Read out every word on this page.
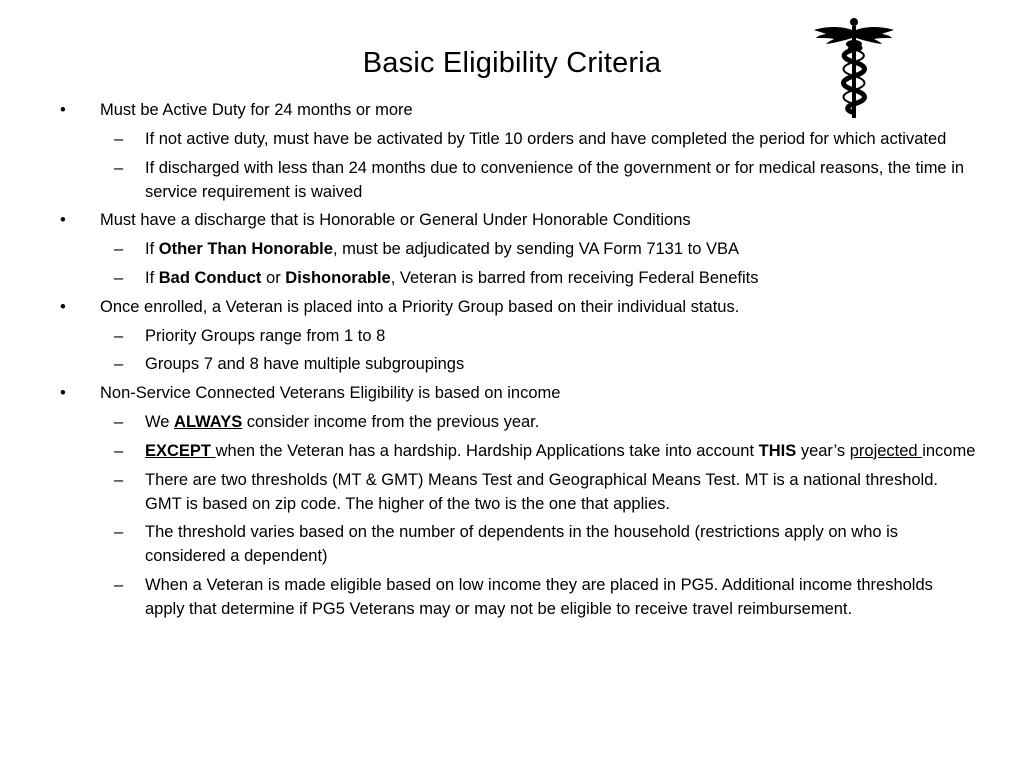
Basic Eligibility Criteria
• Must be Active Duty for 24 months or more
– If not active duty, must have be activated by Title 10 orders and have completed the period for which activated
– If discharged with less than 24 months due to convenience of the government or for medical reasons, the time in service requirement is waived
• Must have a discharge that is Honorable or General Under Honorable Conditions
– If Other Than Honorable, must be adjudicated by sending VA Form 7131 to VBA
– If Bad Conduct or Dishonorable, Veteran is barred from receiving Federal Benefits
• Once enrolled, a Veteran is placed into a Priority Group based on their individual status.
– Priority Groups range from 1 to 8
– Groups 7 and 8 have multiple subgroupings
• Non-Service Connected Veterans Eligibility is based on income
– We ALWAYS consider income from the previous year.
– EXCEPT when the Veteran has a hardship. Hardship Applications take into account THIS year’s projected income
– There are two thresholds (MT & GMT) Means Test and Geographical Means Test. MT is a national threshold. GMT is based on zip code. The higher of the two is the one that applies.
– The threshold varies based on the number of dependents in the household (restrictions apply on who is considered a dependent)
– When a Veteran is made eligible based on low income they are placed in PG5. Additional income thresholds apply that determine if PG5 Veterans may or may not be eligible to receive travel reimbursement.
